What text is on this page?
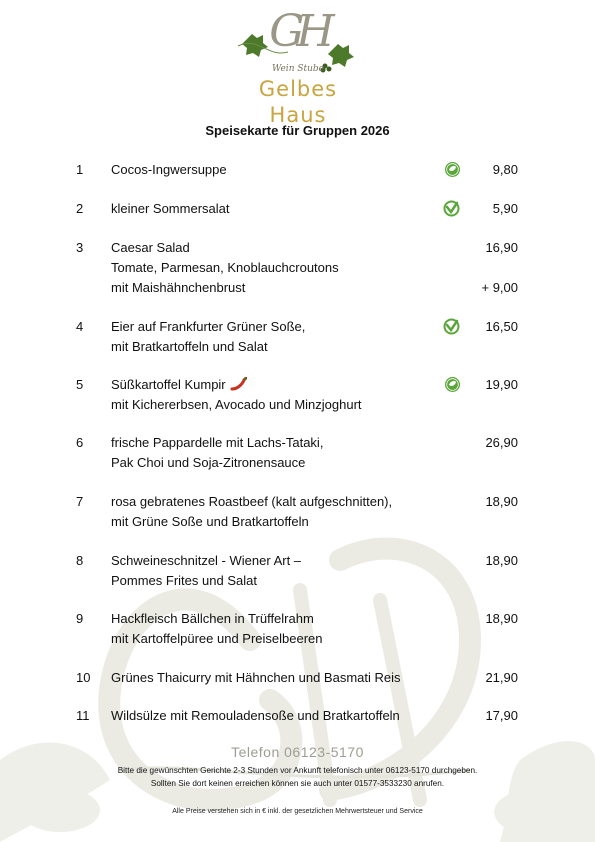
GH
Wein Stube
Gelbes Haus
Speisekarte für Gruppen 2026
1 Cocos-Ingwersuppe	9,80
2 kleiner Sommersalat	5,90
3 Caesar Salad
Tomate, Parmesan, Knoblauchcroutons
mit Maishähnchenbrust
16,90
+ 9,00
4 Eier auf Frankfurter Grüner Soße,
mit Bratkartoffeln und Salat
16,50
5 Süßkartoffel Kumpir
mit Kichererbsen, Avocado und Minzjoghurt
19,90
6 frische Pappardelle mit Lachs-Tataki,
Pak Choi und Soja-Zitronensauce
26,90
7 rosa gebratenes Roastbeef (kalt aufgeschnitten),
mit Grüne Soße und Bratkartoffeln
18,90
8 Schweineschnitzel - Wiener Art –
Pommes Frites und Salat
18,90
9 Hackfleisch Bällchen in Trüffelrahm
mit Kartoffelpüree und Preiselbeeren
18,90
10 Grünes Thaicurry mit Hähnchen und Basmati Reis	21,90
11 Wildsülze mit Remouladensoße und Bratkartoffeln	17,90
Telefon 06123-5170
Bitte die gewünschten Gerichte 2-3 Stunden vor Ankunft telefonisch unter 06123-5170 durchgeben.
Sollten Sie dort keinen erreichen können sie auch unter 01577-3533230 anrufen.
Alle Preise verstehen sich in € inkl. der gesetzlichen Mehrwertsteuer und Service
